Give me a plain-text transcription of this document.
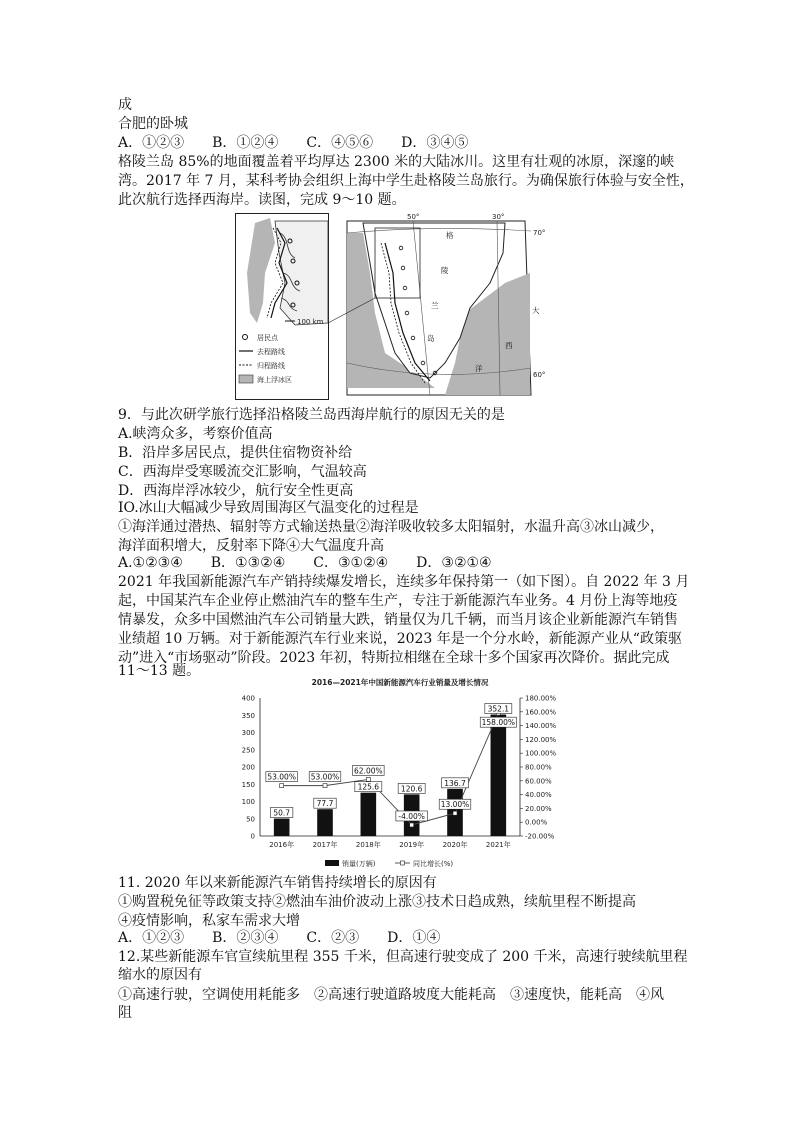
成
合肥的卧城
A．①②③　　B．①②④　　C．④⑤⑥　　D．③④⑤
格陵兰岛 85%的地面覆盖着平均厚达 2300 米的大陆冰川。这里有壮观的冰原，深邃的峡
湾。2017 年 7 月，某科考协会组织上海中学生赴格陵兰岛旅行。为确保旅行体验与安全性，
此次航行选择西海岸。读图，完成 9～10 题。
100 km
居民点
去程路线
归程路线
海上浮冰区
50°	30°
70°
60°
格
陵
兰
岛
大
西
洋
9．与此次研学旅行选择沿格陵兰岛西海岸航行的原因无关的是
A.峡湾众多，考察价值高
B．沿岸多居民点，提供住宿物资补给
C．西海岸受寒暖流交汇影响，气温较高
D．西海岸浮冰较少，航行安全性更高
IO.冰山大幅减少导致周围海区气温变化的过程是
①海洋通过潜热、辐射等方式输送热量②海洋吸收较多太阳辐射，水温升高③冰山减少，
海洋面积增大，反射率下降④大气温度升高
A.①②③④　　B．①③②④　　C．③①②④　　D．③②①④
2021 年我国新能源汽车产销持续爆发增长，连续多年保持第一（如下图）。自 2022 年 3 月
起，中国某汽车企业停止燃油汽车的整车生产，专注于新能源汽车业务。4 月份上海等地疫
情暴发，众多中国燃油汽车公司销量大跌，销量仅为几千辆，而当月该企业新能源汽车销售
业绩超 10 万辆。对于新能源汽车行业来说，2023 年是一个分水岭，新能源产业从“政策驱
动”进入“市场驱动”阶段。2023 年初，特斯拉相继在全球十多个国家再次降价。据此完成
11～13 题。
2016—2021年中国新能源汽车行业销量及增长情况
0
50
100
150
200
250
300
350
400
-20.00%
0.00%
20.00%
40.00%
60.00%
80.00%
100.00%
120.00%
140.00%
160.00%
180.00%
2016年	2017年	2018年	2019年	2020年	2021年
50.7
53.00%
77.7
53.00%
125.6
62.00%
120.6
-4.00%
136.7
13.00%
352.1
158.00%
销量(万辆)	同比增长(%)
11. 2020 年以来新能源汽车销售持续增长的原因有
①购置税免征等政策支持②燃油车油价波动上涨③技术日趋成熟，续航里程不断提高
④疫情影响，私家车需求大增
A．①②③　　B．②③④　　C．②③　　D．①④
12.某些新能源车官宣续航里程 355 千米，但高速行驶变成了 200 千米，高速行驶续航里程
缩水的原因有
①高速行驶，空调使用耗能多　②高速行驶道路坡度大能耗高　③速度快，能耗高　④风
阻
